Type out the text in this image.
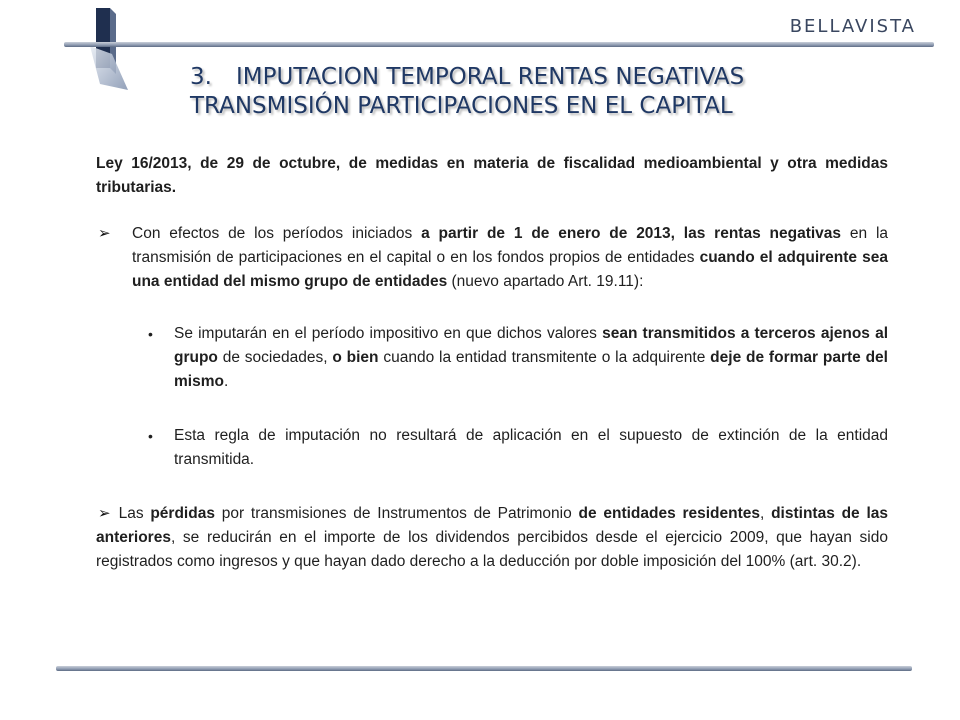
BELLAVISTA
3. IMPUTACION TEMPORAL RENTAS NEGATIVAS
TRANSMISIÓN PARTICIPACIONES EN EL CAPITAL

Ley 16/2013, de 29 de octubre, de medidas en materia de fiscalidad medioambiental y otra medidas tributarias.

➢ Con efectos de los períodos iniciados a partir de 1 de enero de 2013, las rentas negativas en la transmisión de participaciones en el capital o en los fondos propios de entidades cuando el adquirente sea una entidad del mismo grupo de entidades (nuevo apartado Art. 19.11):
• Se imputarán en el período impositivo en que dichos valores sean transmitidos a terceros ajenos al grupo de sociedades, o bien cuando la entidad transmitente o la adquirente deje de formar parte del mismo.
• Esta regla de imputación no resultará de aplicación en el supuesto de extinción de la entidad transmitida.
➢ Las pérdidas por transmisiones de Instrumentos de Patrimonio de entidades residentes, distintas de las anteriores, se reducirán en el importe de los dividendos percibidos desde el ejercicio 2009, que hayan sido registrados como ingresos y que hayan dado derecho a la deducción por doble imposición del 100% (art. 30.2).
